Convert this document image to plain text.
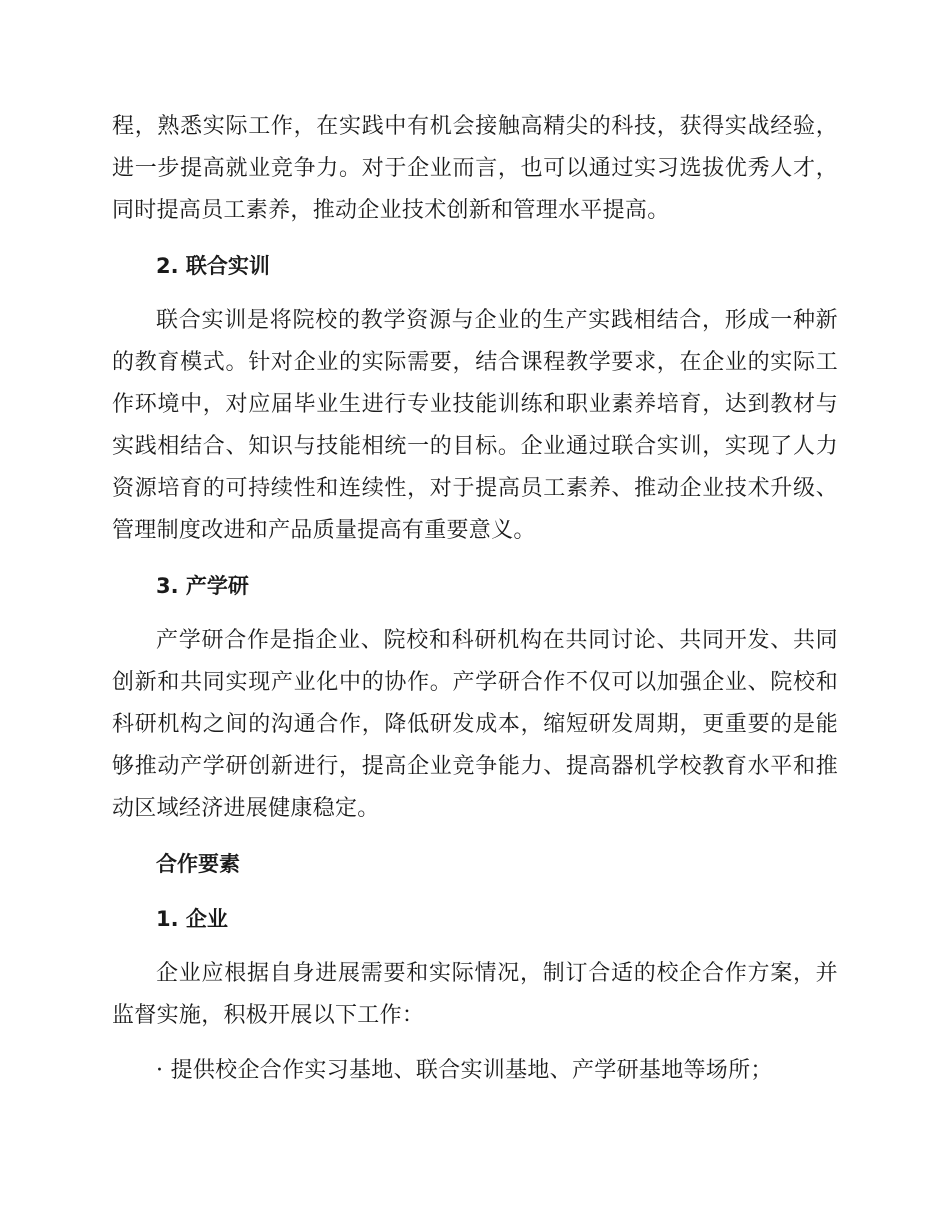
程，熟悉实际工作，在实践中有机会接触高精尖的科技，获得实战经验，进一步提高就业竞争力。对于企业而言，也可以通过实习选拔优秀人才，同时提高员工素养，推动企业技术创新和管理水平提高。

2. 联合实训

联合实训是将院校的教学资源与企业的生产实践相结合，形成一种新的教育模式。针对企业的实际需要，结合课程教学要求，在企业的实际工作环境中，对应届毕业生进行专业技能训练和职业素养培育，达到教材与实践相结合、知识与技能相统一的目标。企业通过联合实训，实现了人力资源培育的可持续性和连续性，对于提高员工素养、推动企业技术升级、管理制度改进和产品质量提高有重要意义。

3. 产学研

产学研合作是指企业、院校和科研机构在共同讨论、共同开发、共同创新和共同实现产业化中的协作。产学研合作不仅可以加强企业、院校和科研机构之间的沟通合作，降低研发成本，缩短研发周期，更重要的是能够推动产学研创新进行，提高企业竞争能力、提高器机学校教育水平和推动区域经济进展健康稳定。

合作要素

1. 企业

企业应根据自身进展需要和实际情况，制订合适的校企合作方案，并监督实施，积极开展以下工作：

· 提供校企合作实习基地、联合实训基地、产学研基地等场所；
